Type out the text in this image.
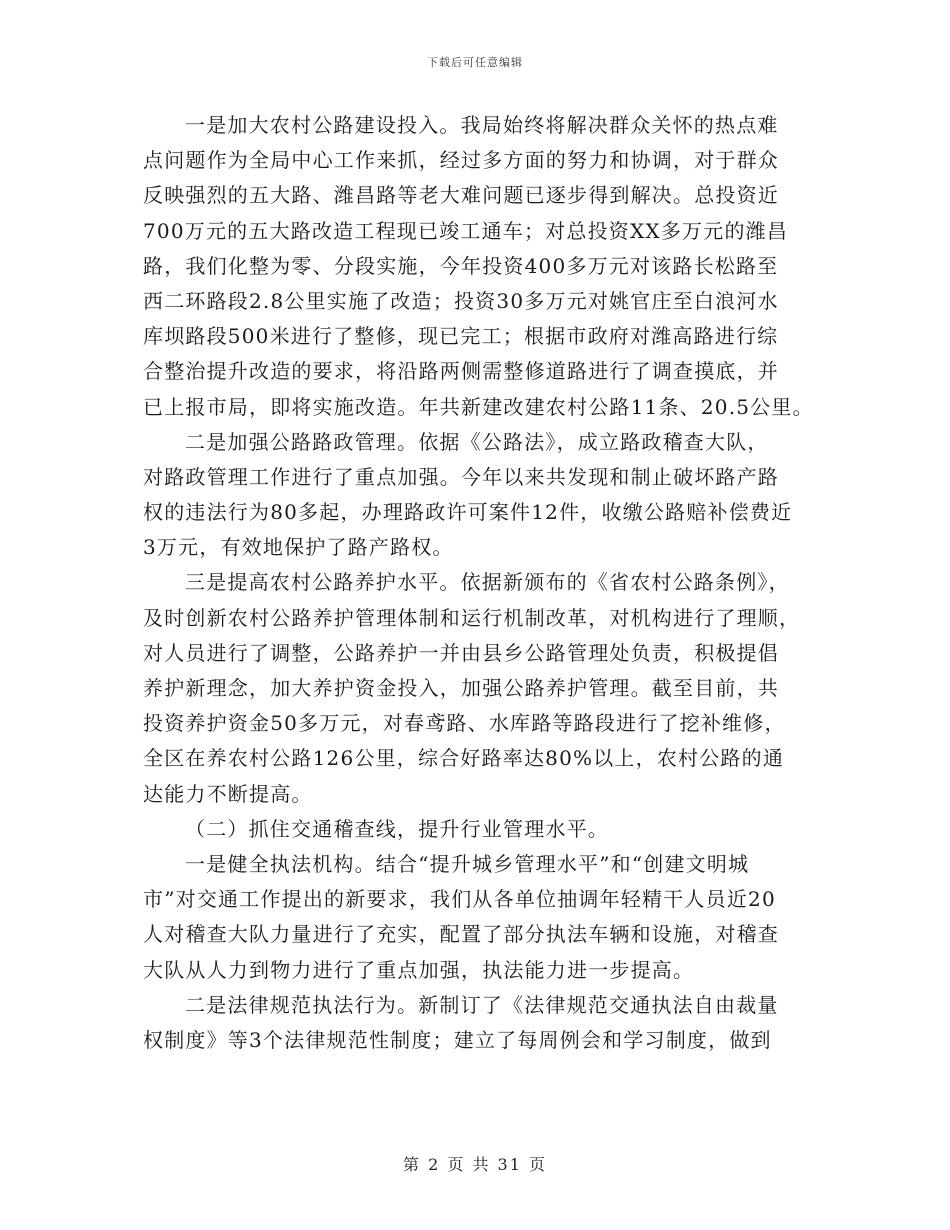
下载后可任意编辑
一是加大农村公路建设投入。我局始终将解决群众关怀的热点难
点问题作为全局中心工作来抓，经过多方面的努力和协调，对于群众
反映强烈的五大路、潍昌路等老大难问题已逐步得到解决。总投资近
700万元的五大路改造工程现已竣工通车；对总投资XX多万元的潍昌
路，我们化整为零、分段实施，今年投资400多万元对该路长松路至
西二环路段2.8公里实施了改造；投资30多万元对姚官庄至白浪河水
库坝路段500米进行了整修，现已完工；根据市政府对潍高路进行综
合整治提升改造的要求，将沿路两侧需整修道路进行了调查摸底，并
已上报市局，即将实施改造。年共新建改建农村公路11条、20.5公里。
二是加强公路路政管理。依据《公路法》，成立路政稽查大队，
对路政管理工作进行了重点加强。今年以来共发现和制止破坏路产路
权的违法行为80多起，办理路政许可案件12件，收缴公路赔补偿费近
3万元，有效地保护了路产路权。
三是提高农村公路养护水平。依据新颁布的《省农村公路条例》，
及时创新农村公路养护管理体制和运行机制改革，对机构进行了理顺，
对人员进行了调整，公路养护一并由县乡公路管理处负责，积极提倡
养护新理念，加大养护资金投入，加强公路养护管理。截至目前，共
投资养护资金50多万元，对春鸢路、水库路等路段进行了挖补维修，
全区在养农村公路126公里，综合好路率达80%以上，农村公路的通
达能力不断提高。
（二）抓住交通稽查线，提升行业管理水平。
一是健全执法机构。结合“提升城乡管理水平”和“创建文明城
市”对交通工作提出的新要求，我们从各单位抽调年轻精干人员近20
人对稽查大队力量进行了充实，配置了部分执法车辆和设施，对稽查
大队从人力到物力进行了重点加强，执法能力进一步提高。
二是法律规范执法行为。新制订了《法律规范交通执法自由裁量
权制度》等3个法律规范性制度；建立了每周例会和学习制度，做到
第 2 页 共 31 页
